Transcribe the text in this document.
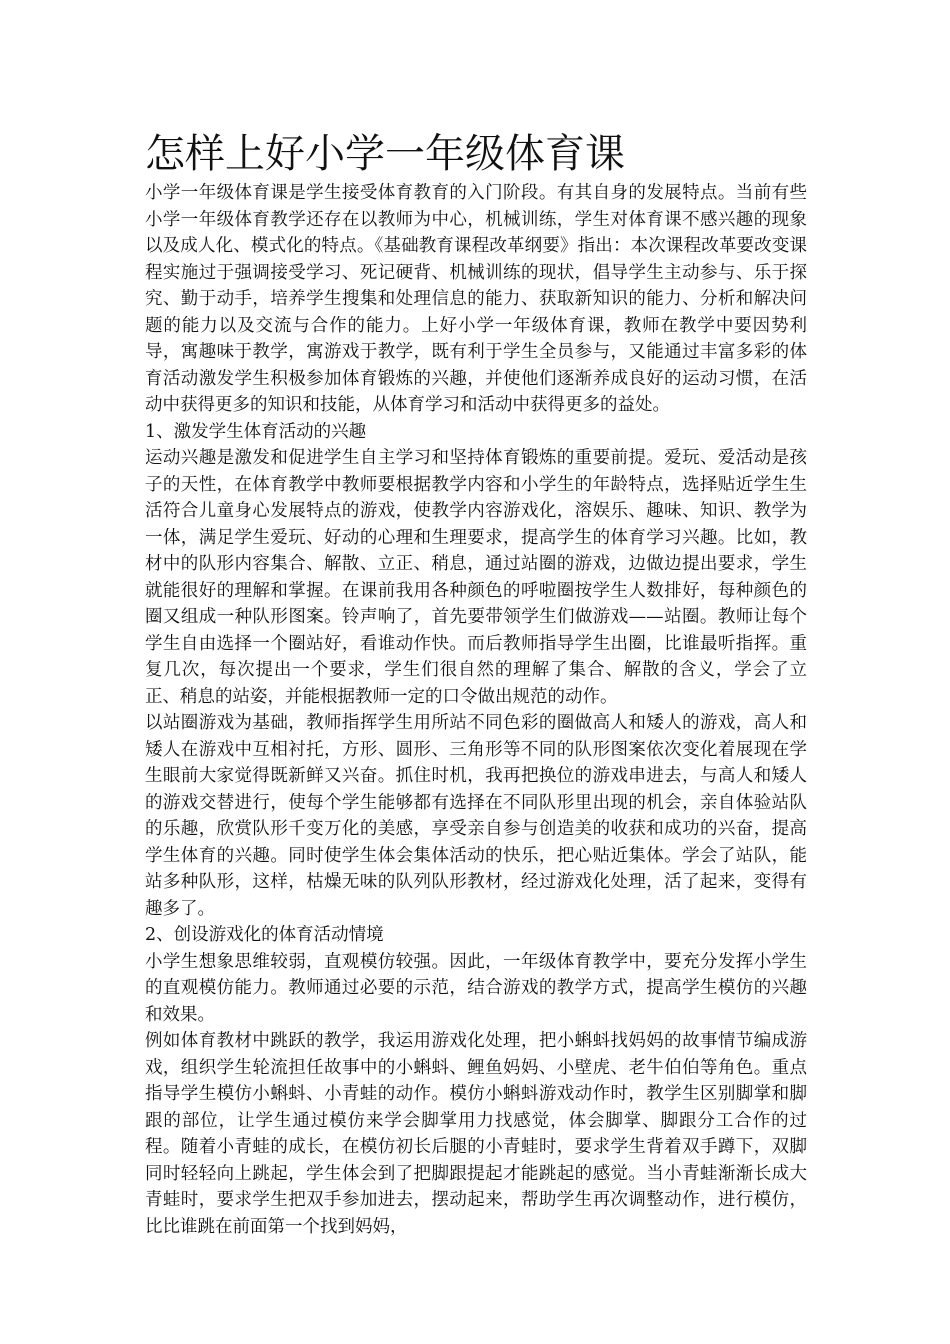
怎样上好小学一年级体育课

小学一年级体育课是学生接受体育教育的入门阶段。有其自身的发展特点。当前有些小学一年级体育教学还存在以教师为中心，机械训练，学生对体育课不感兴趣的现象以及成人化、模式化的特点。《基础教育课程改革纲要》指出：本次课程改革要改变课程实施过于强调接受学习、死记硬背、机械训练的现状，倡导学生主动参与、乐于探究、勤于动手，培养学生搜集和处理信息的能力、获取新知识的能力、分析和解决问题的能力以及交流与合作的能力。上好小学一年级体育课，教师在教学中要因势利导，寓趣味于教学，寓游戏于教学，既有利于学生全员参与，又能通过丰富多彩的体育活动激发学生积极参加体育锻炼的兴趣，并使他们逐渐养成良好的运动习惯，在活动中获得更多的知识和技能，从体育学习和活动中获得更多的益处。

1、激发学生体育活动的兴趣

运动兴趣是激发和促进学生自主学习和坚持体育锻炼的重要前提。爱玩、爱活动是孩子的天性，在体育教学中教师要根据教学内容和小学生的年龄特点，选择贴近学生生活符合儿童身心发展特点的游戏，使教学内容游戏化，溶娱乐、趣味、知识、教学为一体，满足学生爱玩、好动的心理和生理要求，提高学生的体育学习兴趣。比如，教材中的队形内容集合、解散、立正、稍息，通过站圈的游戏，边做边提出要求，学生就能很好的理解和掌握。在课前我用各种颜色的呼啦圈按学生人数排好，每种颜色的圈又组成一种队形图案。铃声响了，首先要带领学生们做游戏——站圈。教师让每个学生自由选择一个圈站好，看谁动作快。而后教师指导学生出圈，比谁最听指挥。重复几次，每次提出一个要求，学生们很自然的理解了集合、解散的含义，学会了立正、稍息的站姿，并能根据教师一定的口令做出规范的动作。

以站圈游戏为基础，教师指挥学生用所站不同色彩的圈做高人和矮人的游戏，高人和矮人在游戏中互相衬托，方形、圆形、三角形等不同的队形图案依次变化着展现在学生眼前大家觉得既新鲜又兴奋。抓住时机，我再把换位的游戏串进去，与高人和矮人的游戏交替进行，使每个学生能够都有选择在不同队形里出现的机会，亲自体验站队的乐趣，欣赏队形千变万化的美感，享受亲自参与创造美的收获和成功的兴奋，提高学生体育的兴趣。同时使学生体会集体活动的快乐，把心贴近集体。学会了站队，能站多种队形，这样，枯燥无味的队列队形教材，经过游戏化处理，活了起来，变得有趣多了。

2、创设游戏化的体育活动情境

小学生想象思维较弱，直观模仿较强。因此，一年级体育教学中，要充分发挥小学生的直观模仿能力。教师通过必要的示范，结合游戏的教学方式，提高学生模仿的兴趣和效果。

例如体育教材中跳跃的教学，我运用游戏化处理，把小蝌蚪找妈妈的故事情节编成游戏，组织学生轮流担任故事中的小蝌蚪、鲤鱼妈妈、小壁虎、老牛伯伯等角色。重点指导学生模仿小蝌蚪、小青蛙的动作。模仿小蝌蚪游戏动作时，教学生区别脚掌和脚跟的部位，让学生通过模仿来学会脚掌用力找感觉，体会脚掌、脚跟分工合作的过程。随着小青蛙的成长，在模仿初长后腿的小青蛙时，要求学生背着双手蹲下，双脚同时轻轻向上跳起，学生体会到了把脚跟提起才能跳起的感觉。当小青蛙渐渐长成大青蛙时，要求学生把双手参加进去，摆动起来，帮助学生再次调整动作，进行模仿，比比谁跳在前面第一个找到妈妈，
